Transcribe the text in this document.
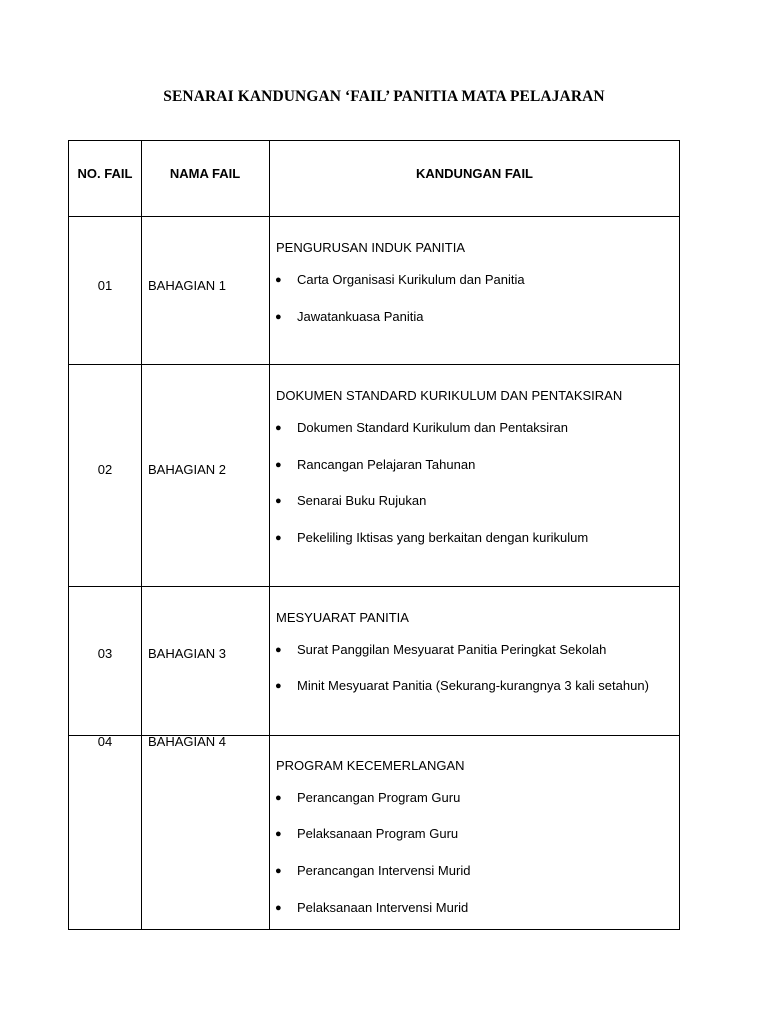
SENARAI KANDUNGAN ‘FAIL’ PANITIA MATA PELAJARAN
NO. FAIL	NAMA FAIL	KANDUNGAN FAIL
01	BAHAGIAN 1
PENGURUSAN INDUK PANITIA
● Carta Organisasi Kurikulum dan Panitia
● Jawatankuasa Panitia
02	BAHAGIAN 2
DOKUMEN STANDARD KURIKULUM DAN PENTAKSIRAN
● Dokumen Standard Kurikulum dan Pentaksiran
● Rancangan Pelajaran Tahunan
● Senarai Buku Rujukan
● Pekeliling Iktisas yang berkaitan dengan kurikulum
03	BAHAGIAN 3
MESYUARAT PANITIA
● Surat Panggilan Mesyuarat Panitia Peringkat Sekolah
● Minit Mesyuarat Panitia (Sekurang-kurangnya 3 kali setahun)
04	BAHAGIAN 4
PROGRAM KECEMERLANGAN
● Perancangan Program Guru
● Pelaksanaan Program Guru
● Perancangan Intervensi Murid
● Pelaksanaan Intervensi Murid
